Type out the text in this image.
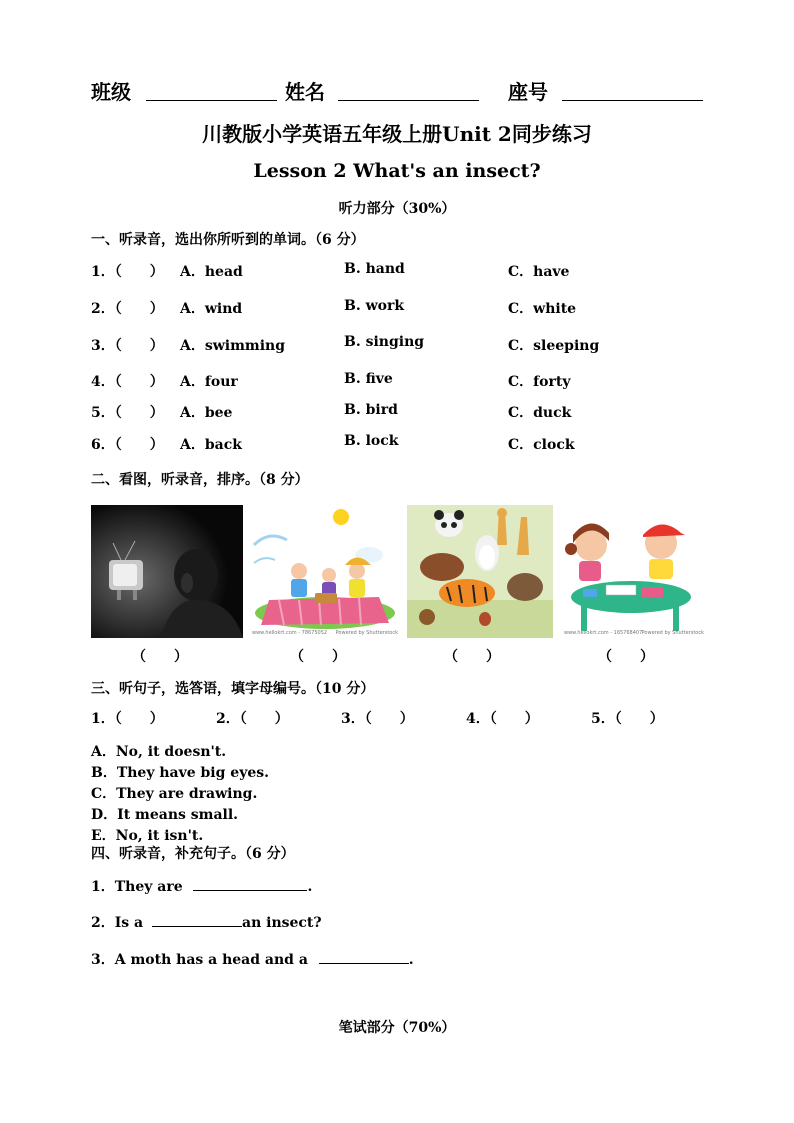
班级	姓名	座号
川教版小学英语五年级上册Unit 2同步练习
Lesson 2 What's an insect?
听力部分（30%）
一、听录音，选出你所听到的单词。（6 分）
1．（　　） A．head	B. hand	C．have
2．（　　） A．wind	B. work	C．white
3．（　　） A．swimming	B. singing	C．sleeping
4．（　　） A．four	B. five	C．forty
5．（　　） A．bee	B. bird	C．duck
6．（　　） A．back	B. lock	C．clock
二、看图，听录音，排序。（8 分）
www.hellokrt.com - 78675052 Powered by Shutterstock	www.hellokrt.com - 165768407 Powered by Shutterstock
（　　）	（　　）	（　　）	（　　）
三、听句子，选答语，填字母编号。（10 分）
1．（　　）	2．（　　）	3．（　　）	4．（　　）	5．（　　）
A．No, it doesn't.
B．They have big eyes.
C．They are drawing.
D．It means small.
E．No, it isn't.
四、听录音，补充句子。（6 分）
1．They are	.
2．Is a	an insect?
3．A moth has a head and a	.
笔试部分（70%）
